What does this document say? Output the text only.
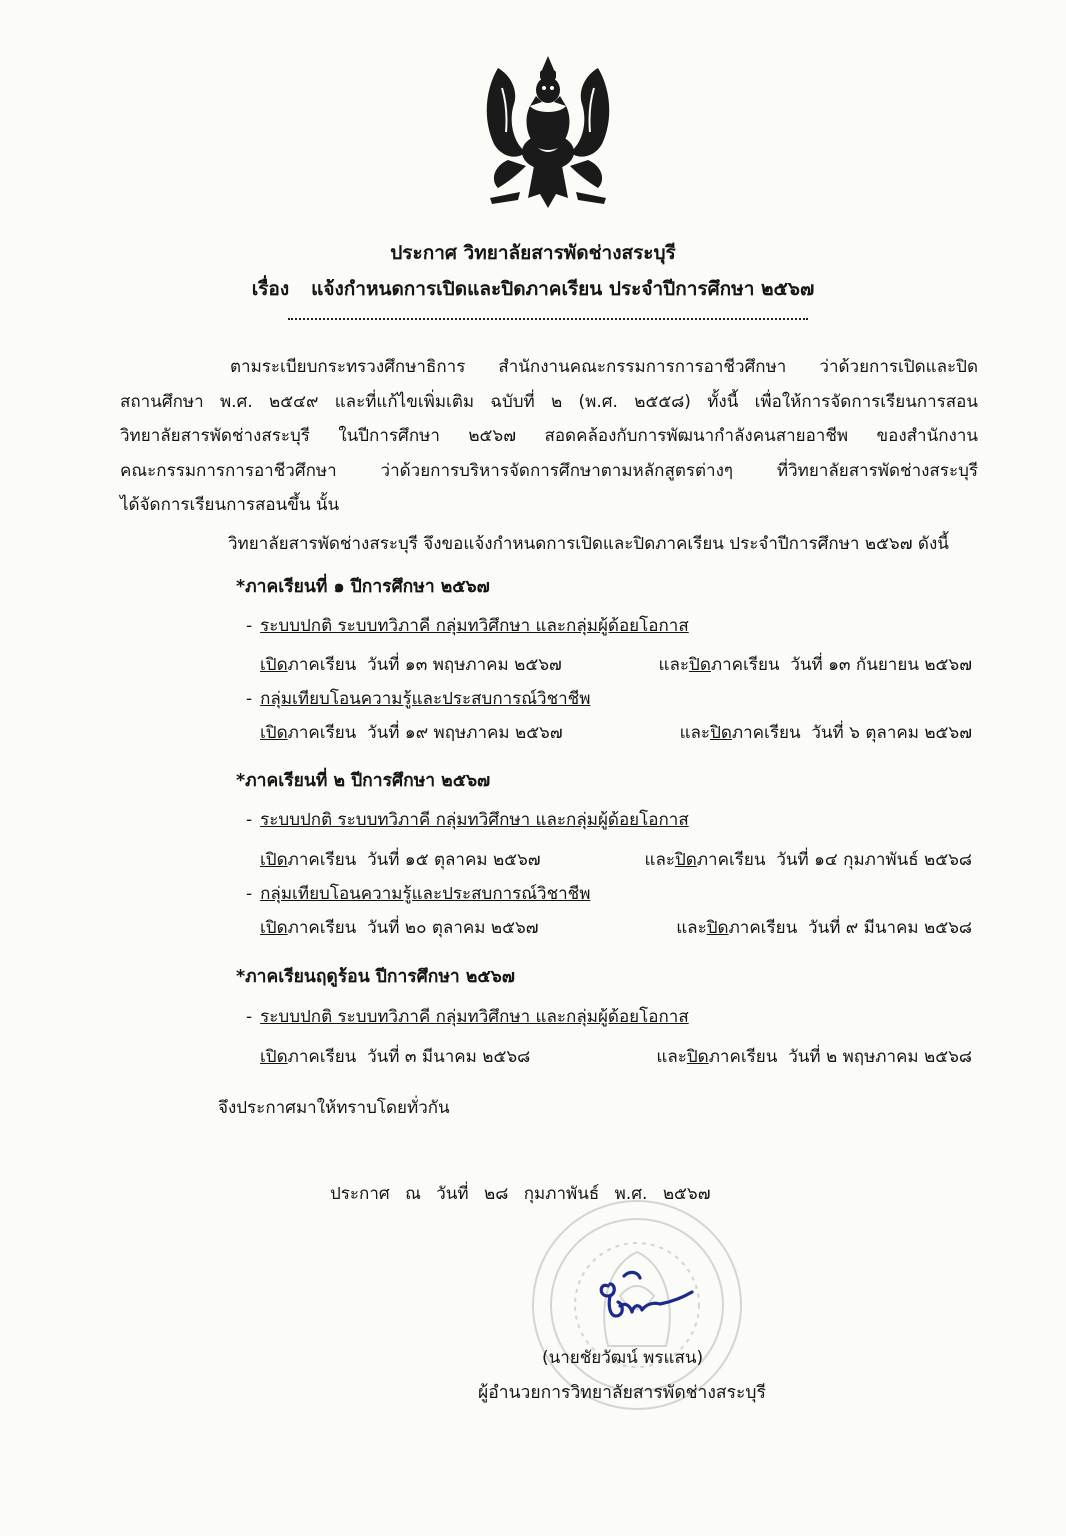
ประกาศ วิทยาลัยสารพัดช่างสระบุรี
เรื่อง แจ้งกำหนดการเปิดและปิดภาคเรียน ประจำปีการศึกษา ๒๕๖๗

ตามระเบียบกระทรวงศึกษาธิการ สำนักงานคณะกรรมการการอาชีวศึกษา ว่าด้วยการเปิดและปิด

สถานศึกษา พ.ศ. ๒๕๔๙ และที่แก้ไขเพิ่มเติม ฉบับที่ ๒ (พ.ศ. ๒๕๕๘) ทั้งนี้ เพื่อให้การจัดการเรียนการสอน

วิทยาลัยสารพัดช่างสระบุรี ในปีการศึกษา ๒๕๖๗ สอดคล้องกับการพัฒนากำลังคนสายอาชีพ ของสำนักงาน

คณะกรรมการการอาชีวศึกษา ว่าด้วยการบริหารจัดการศึกษาตามหลักสูตรต่างๆ ที่วิทยาลัยสารพัดช่างสระบุรี

ได้จัดการเรียนการสอนขึ้น นั้น

วิทยาลัยสารพัดช่างสระบุรี จึงขอแจ้งกำหนดการเปิดและปิดภาคเรียน ประจำปีการศึกษา ๒๕๖๗ ดังนี้
*ภาคเรียนที่ ๑ ปีการศึกษา ๒๕๖๗
- ระบบปกติ ระบบทวิภาคี กลุ่มทวิศึกษา และกลุ่มผู้ด้อยโอกาส
เปิดภาคเรียน วันที่ ๑๓ พฤษภาคม ๒๕๖๗	และปิดภาคเรียน วันที่ ๑๓ กันยายน ๒๕๖๗
- กลุ่มเทียบโอนความรู้และประสบการณ์วิชาชีพ
เปิดภาคเรียน วันที่ ๑๙ พฤษภาคม ๒๕๖๗	และปิดภาคเรียน วันที่ ๖ ตุลาคม ๒๕๖๗
*ภาคเรียนที่ ๒ ปีการศึกษา ๒๕๖๗
- ระบบปกติ ระบบทวิภาคี กลุ่มทวิศึกษา และกลุ่มผู้ด้อยโอกาส
เปิดภาคเรียน วันที่ ๑๕ ตุลาคม ๒๕๖๗	และปิดภาคเรียน วันที่ ๑๔ กุมภาพันธ์ ๒๕๖๘
- กลุ่มเทียบโอนความรู้และประสบการณ์วิชาชีพ
เปิดภาคเรียน วันที่ ๒๐ ตุลาคม ๒๕๖๗	และปิดภาคเรียน วันที่ ๙ มีนาคม ๒๕๖๘
*ภาคเรียนฤดูร้อน ปีการศึกษา ๒๕๖๗
- ระบบปกติ ระบบทวิภาคี กลุ่มทวิศึกษา และกลุ่มผู้ด้อยโอกาส
เปิดภาคเรียน วันที่ ๓ มีนาคม ๒๕๖๘	และปิดภาคเรียน วันที่ ๒ พฤษภาคม ๒๕๖๘
จึงประกาศมาให้ทราบโดยทั่วกัน
ประกาศ ณ วันที่ ๒๘ กุมภาพันธ์ พ.ศ. ๒๕๖๗
(นายชัยวัฒน์ พรแสน)
ผู้อำนวยการวิทยาลัยสารพัดช่างสระบุรี
